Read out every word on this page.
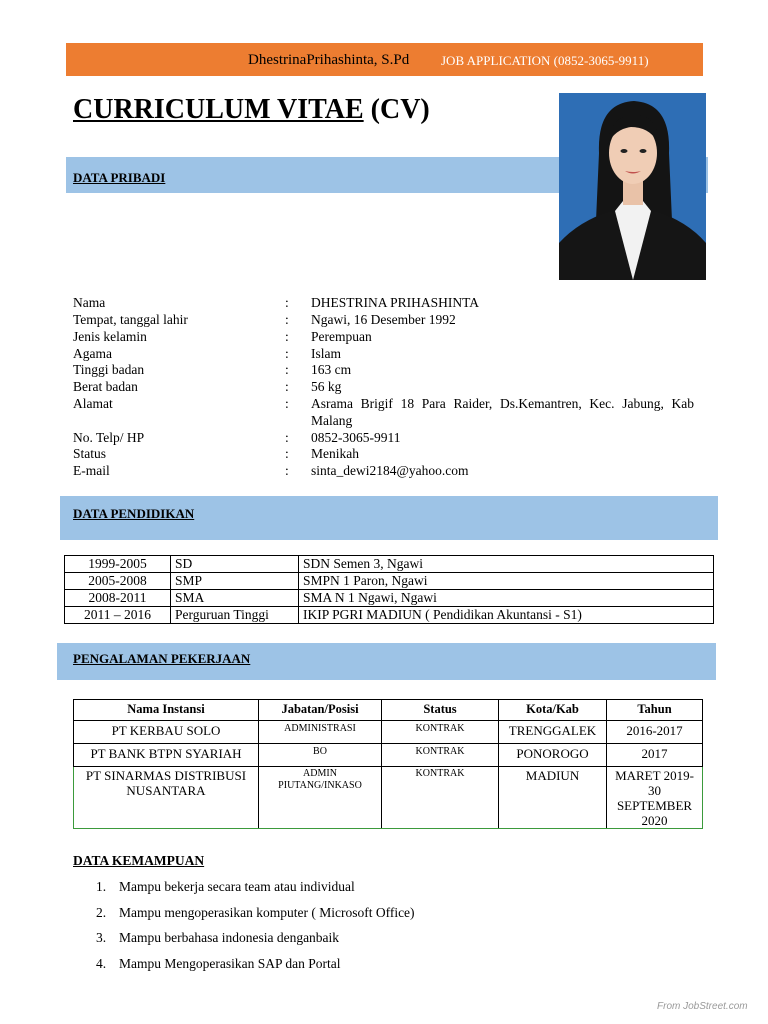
DhestrinaPrihashinta, S.Pd JOB APPLICATION (0852-3065-9911)
CURRICULUM VITAE (CV)
DATA PRIBADI
Nama	: DHESTRINA PRIHASHINTA
Tempat, tanggal lahir	: Ngawi, 16 Desember 1992
Jenis kelamin	: Perempuan
Agama	: Islam
Tinggi badan	: 163 cm
Berat badan	: 56 kg
Alamat	: Asrama Brigif 18 Para Raider, Ds.Kemantren, Kec. Jabung, Kab Malang
No. Telp/ HP	: 0852-3065-9911
Status	: Menikah
E-mail	: sinta_dewi2184@yahoo.com
DATA PENDIDIKAN
1999-2005	SD	SDN Semen 3, Ngawi
2005-2008	SMP	SMPN 1 Paron, Ngawi
2008-2011	SMA	SMA N 1 Ngawi, Ngawi
2011 – 2016	Perguruan Tinggi	IKIP PGRI MADIUN ( Pendidikan Akuntansi - S1)
PENGALAMAN PEKERJAAN
Nama Instansi	Jabatan/Posisi	Status	Kota/Kab	Tahun
PT KERBAU SOLO	ADMINISTRASI	KONTRAK	TRENGGALEK	2016-2017
PT BANK BTPN SYARIAH	BO	KONTRAK	PONOROGO	2017
PT SINARMAS DISTRIBUSI NUSANTARA	ADMIN PIUTANG/INKASO	KONTRAK	MADIUN	MARET 2019-30 SEPTEMBER 2020
DATA KEMAMPUAN
1. Mampu bekerja secara team atau individual
2. Mampu mengoperasikan komputer ( Microsoft Office)
3. Mampu berbahasa indonesia denganbaik
4. Mampu Mengoperasikan SAP dan Portal
From JobStreet.com
